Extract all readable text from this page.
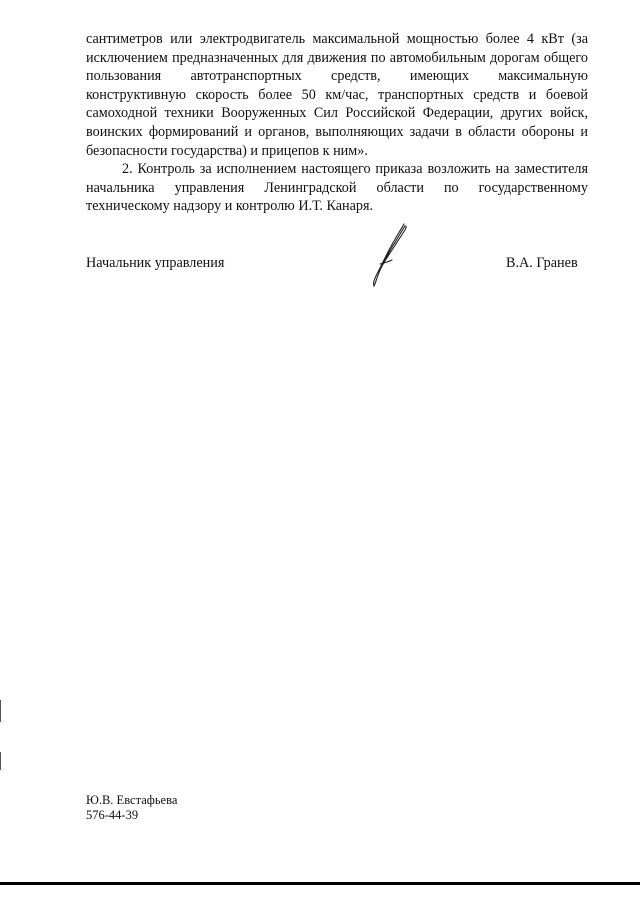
сантиметров или электродвигатель максимальной мощностью более 4 кВт (за исключением предназначенных для движения по автомобильным дорогам общего пользования автотранспортных средств, имеющих максимальную конструктивную скорость более 50 км/час, транспортных средств и боевой самоходной техники Вооруженных Сил Российской Федерации, других войск, воинских формирований и органов, выполняющих задачи в области обороны и безопасности государства) и прицепов к ним».

2. Контроль за исполнением настоящего приказа возложить на заместителя начальника управления Ленинградской области по государственному техническому надзору и контролю И.Т. Канаря.

Начальник управления	В.А. Гранев
Ю.В. Евстафьева
576-44-39
